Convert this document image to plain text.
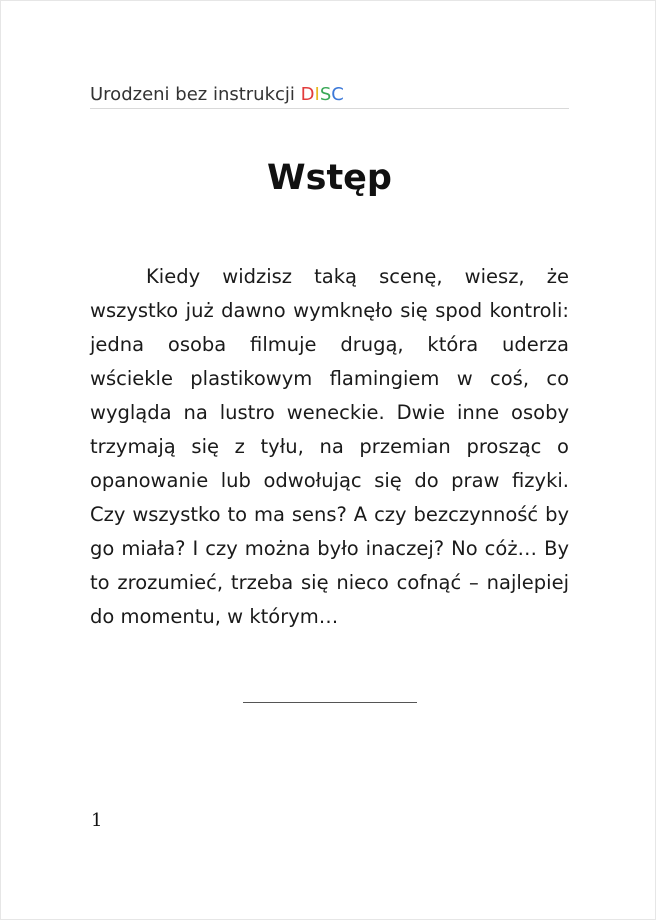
Urodzeni bez instrukcji DISC
Wstęp

Kiedy widzisz taką scenę, wiesz, że wszystko już dawno wymknęło się spod kontroli: jedna osoba filmuje drugą, która uderza wściekle plastikowym flamingiem w coś, co wygląda na lustro weneckie. Dwie inne osoby trzymają się z tyłu, na przemian prosząc o opanowanie lub odwołując się do praw fizyki. Czy wszystko to ma sens? A czy bezczynność by go miała? I czy można było inaczej? No cóż… By to zrozumieć, trzeba się nieco cofnąć – najlepiej do momentu, w którym…

1
